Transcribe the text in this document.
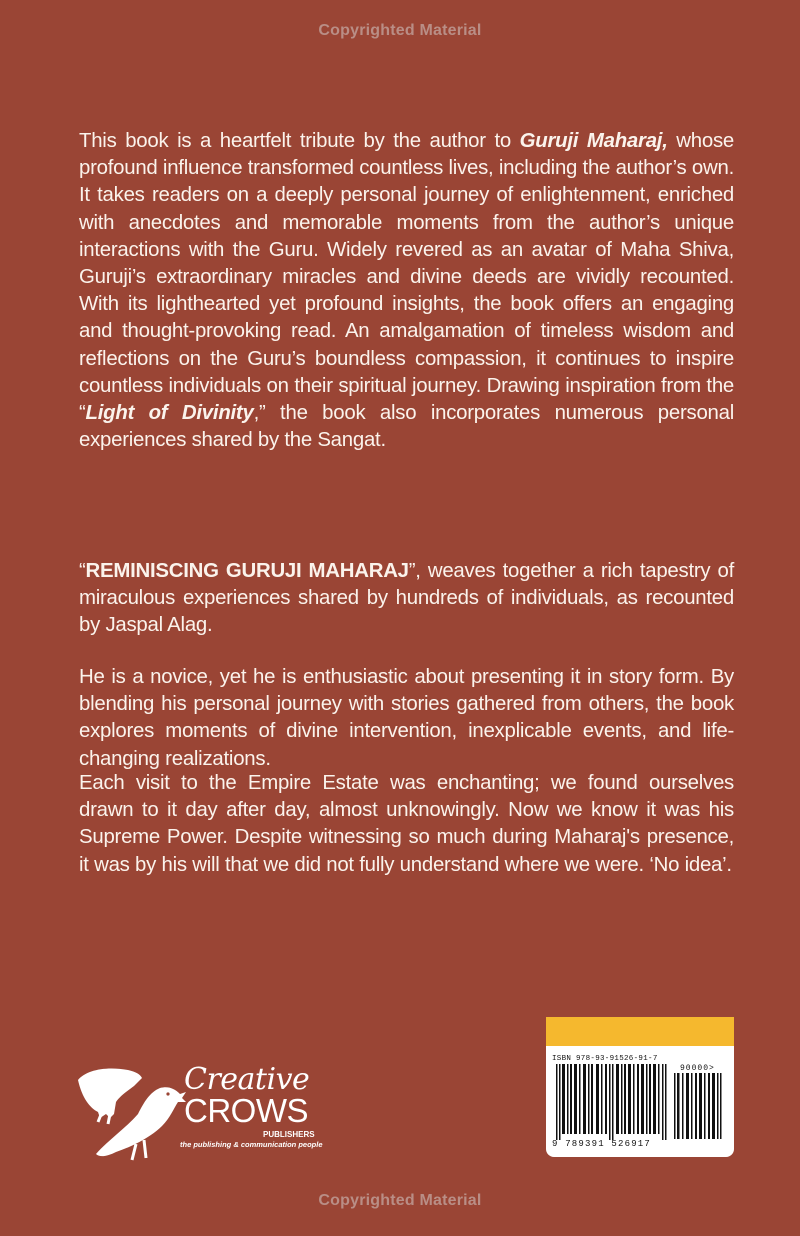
Copyrighted Material

This book is a heartfelt tribute by the author to Guruji Maharaj, whose profound influence transformed countless lives, including the author’s own. It takes readers on a deeply personal journey of enlightenment, enriched with anecdotes and memorable moments from the author’s unique interactions with the Guru. Widely revered as an avatar of Maha Shiva, Guruji’s extraordinary miracles and divine deeds are vividly recounted. With its lighthearted yet profound insights, the book offers an engaging and thought-provoking read. An amalgamation of timeless wisdom and reflections on the Guru’s boundless compassion, it continues to inspire countless individuals on their spiritual journey. Drawing inspiration from the “Light of Divinity,” the book also incorporates numerous personal experiences shared by the Sangat.

“REMINISCING GURUJI MAHARAJ”, weaves together a rich tapestry of miraculous experiences shared by hundreds of individuals, as recounted by Jaspal Alag.

He is a novice, yet he is enthusiastic about presenting it in story form. By blending his personal journey with stories gathered from others, the book explores moments of divine intervention, inexplicable events, and life-changing realizations.

Each visit to the Empire Estate was enchanting; we found ourselves drawn to it day after day, almost unknowingly. Now we know it was his Supreme Power. Despite witnessing so much during Maharaj's presence, it was by his will that we did not fully understand where we were. ‘No idea’.

Creative
CROWS
PUBLISHERS
the publishing & communication people
ISBN 978-93-91526-91-7
90000>
9 789391 526917
Copyrighted Material
